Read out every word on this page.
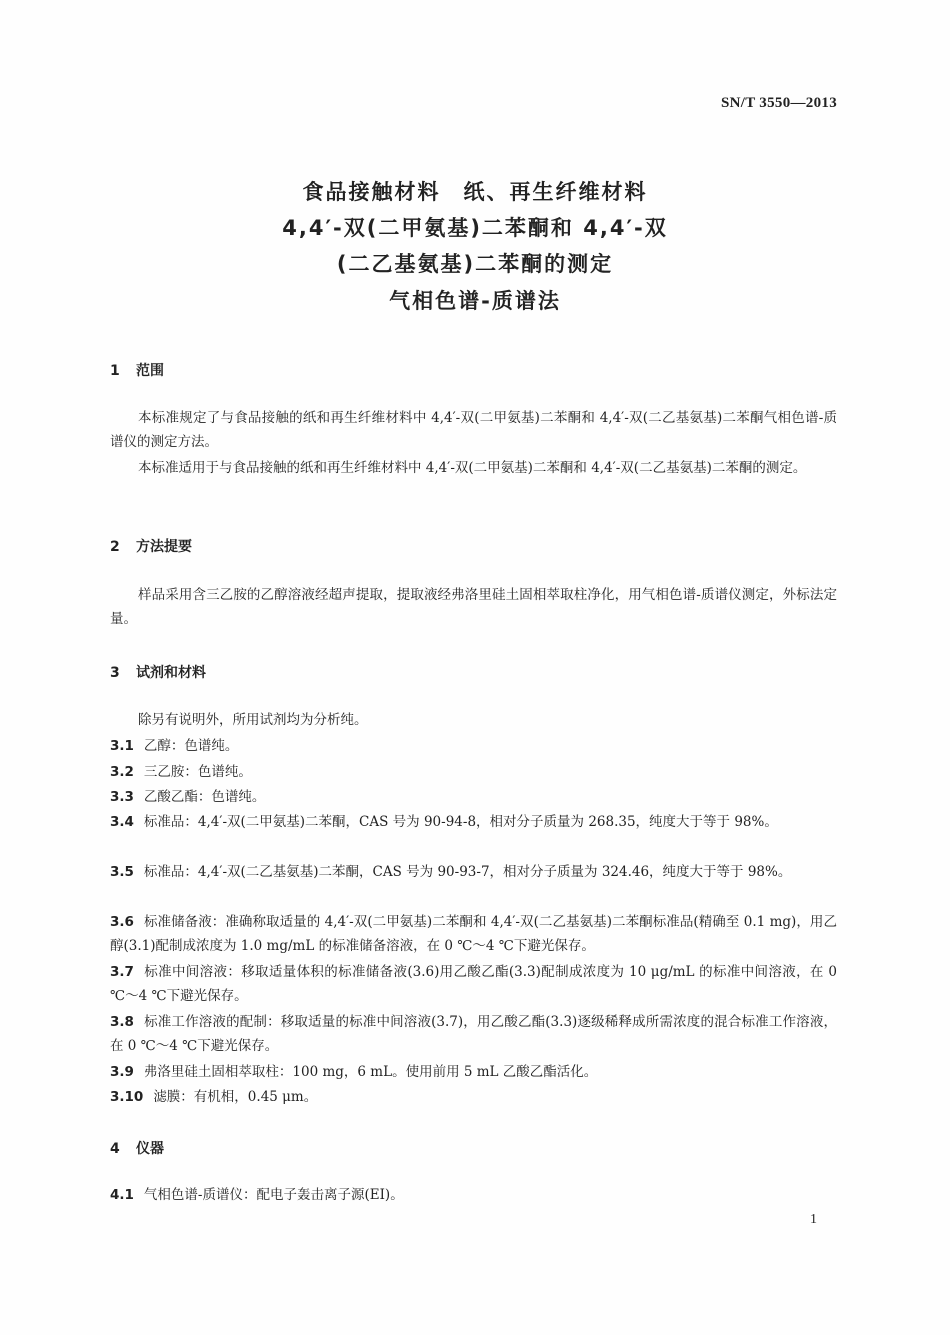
SN/T 3550—2013
食品接触材料　纸、再生纤维材料
4,4′-双(二甲氨基)二苯酮和 4,4′-双
(二乙基氨基)二苯酮的测定
气相色谱-质谱法
1 范围
本标准规定了与食品接触的纸和再生纤维材料中 4,4′-双(二甲氨基)二苯酮和 4,4′-双(二乙基氨基)二苯酮气相色谱-质谱仪的测定方法。
本标准适用于与食品接触的纸和再生纤维材料中 4,4′-双(二甲氨基)二苯酮和 4,4′-双(二乙基氨基)二苯酮的测定。
2 方法提要
样品采用含三乙胺的乙醇溶液经超声提取，提取液经弗洛里硅土固相萃取柱净化，用气相色谱-质谱仪测定，外标法定量。
3 试剂和材料
除另有说明外，所用试剂均为分析纯。
3.1 乙醇：色谱纯。
3.2 三乙胺：色谱纯。
3.3 乙酸乙酯：色谱纯。
3.4 标准品：4,4′-双(二甲氨基)二苯酮，CAS 号为 90-94-8，相对分子质量为 268.35，纯度大于等于 98%。
3.5 标准品：4,4′-双(二乙基氨基)二苯酮，CAS 号为 90-93-7，相对分子质量为 324.46，纯度大于等于 98%。
3.6 标准储备液：准确称取适量的 4,4′-双(二甲氨基)二苯酮和 4,4′-双(二乙基氨基)二苯酮标准品(精确至 0.1 mg)，用乙醇(3.1)配制成浓度为 1.0 mg/mL 的标准储备溶液，在 0 ℃～4 ℃下避光保存。
3.7 标准中间溶液：移取适量体积的标准储备液(3.6)用乙酸乙酯(3.3)配制成浓度为 10 μg/mL 的标准中间溶液，在 0 ℃～4 ℃下避光保存。
3.8 标准工作溶液的配制：移取适量的标准中间溶液(3.7)，用乙酸乙酯(3.3)逐级稀释成所需浓度的混合标准工作溶液，在 0 ℃～4 ℃下避光保存。
3.9 弗洛里硅土固相萃取柱：100 mg，6 mL。使用前用 5 mL 乙酸乙酯活化。
3.10 滤膜：有机相，0.45 μm。
4 仪器
4.1 气相色谱-质谱仪：配电子轰击离子源(EI)。
1
